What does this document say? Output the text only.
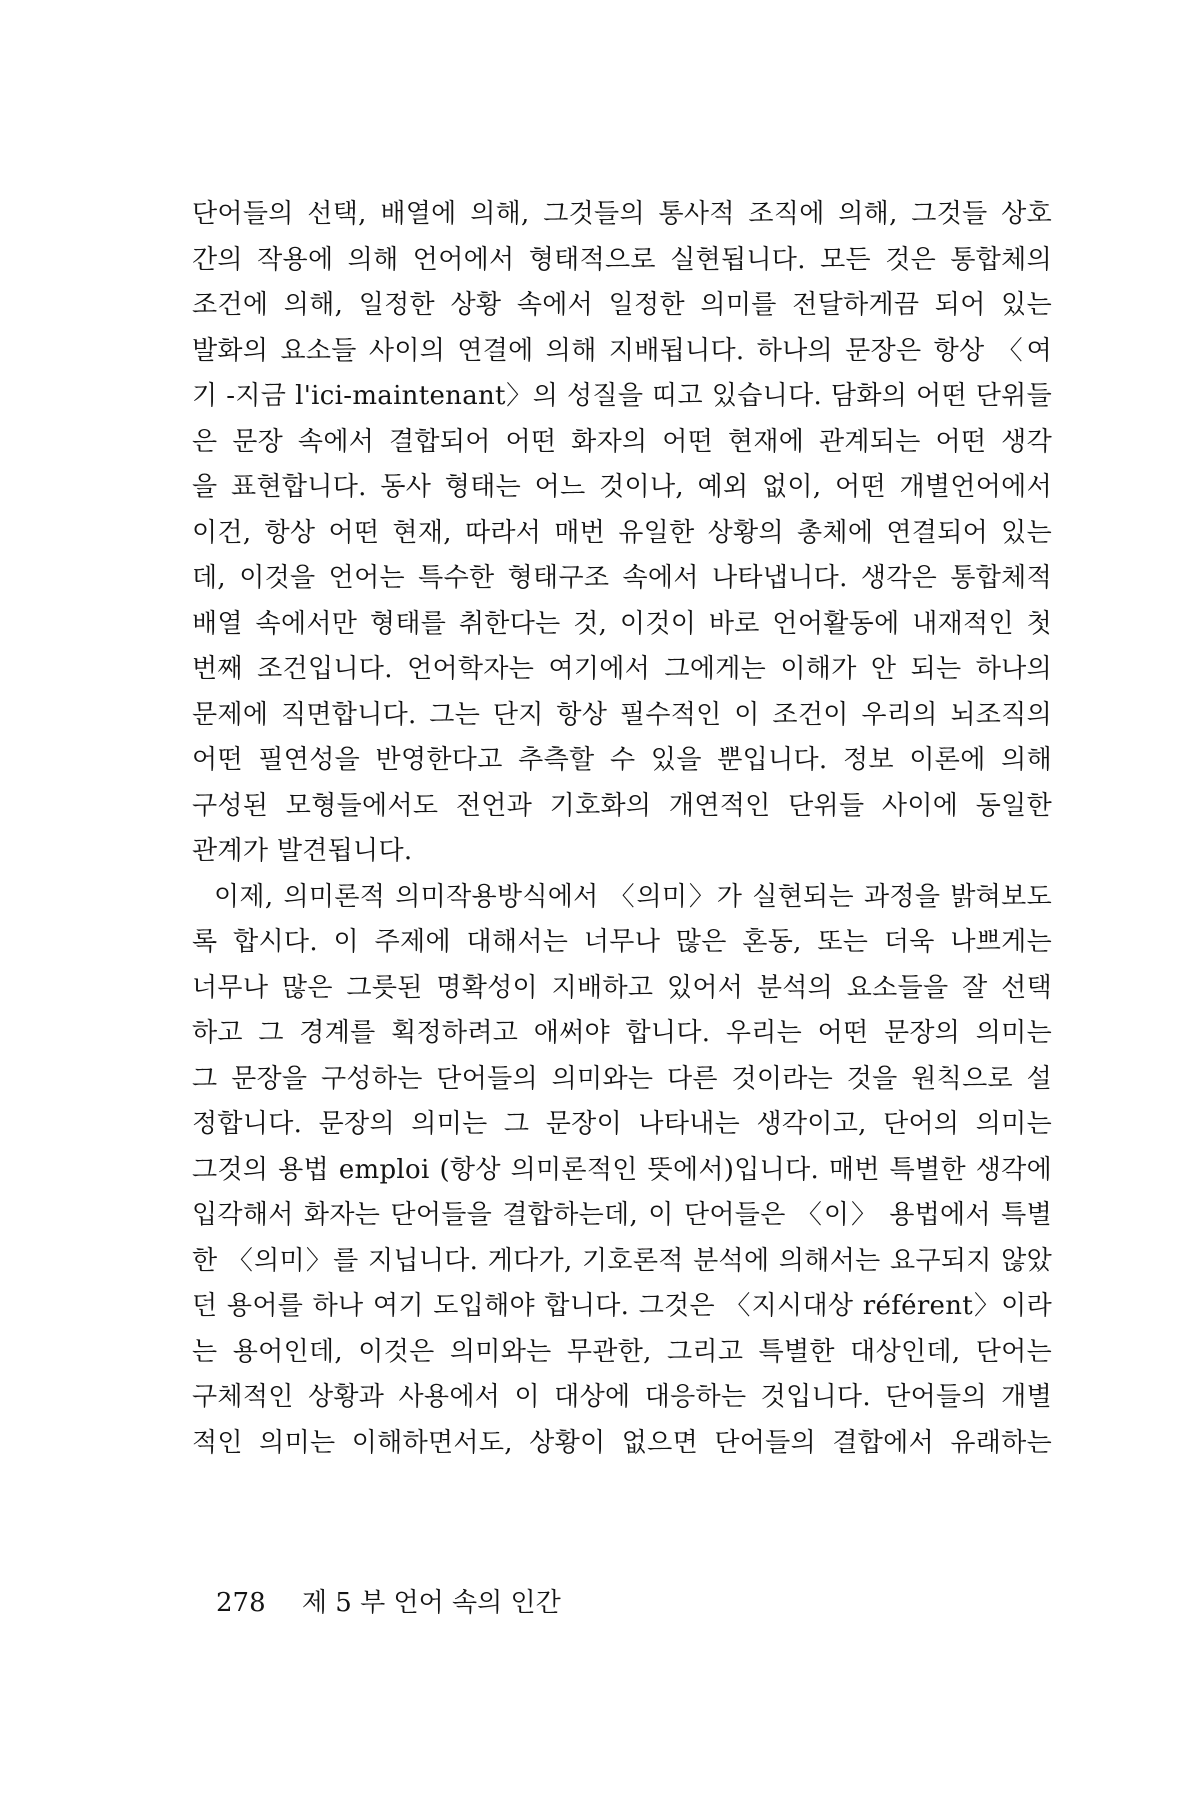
단어들의 선택, 배열에 의해, 그것들의 통사적 조직에 의해, 그것들 상호
간의 작용에 의해 언어에서 형태적으로 실현됩니다. 모든 것은 통합체의
조건에 의해, 일정한 상황 속에서 일정한 의미를 전달하게끔 되어 있는
발화의 요소들 사이의 연결에 의해 지배됩니다. 하나의 문장은 항상 〈여
기 -지금 l'ici-maintenant〉의 성질을 띠고 있습니다. 담화의 어떤 단위들
은 문장 속에서 결합되어 어떤 화자의 어떤 현재에 관계되는 어떤 생각
을 표현합니다. 동사 형태는 어느 것이나, 예외 없이, 어떤 개별언어에서
이건, 항상 어떤 현재, 따라서 매번 유일한 상황의 총체에 연결되어 있는
데, 이것을 언어는 특수한 형태구조 속에서 나타냅니다. 생각은 통합체적
배열 속에서만 형태를 취한다는 것, 이것이 바로 언어활동에 내재적인 첫
번째 조건입니다. 언어학자는 여기에서 그에게는 이해가 안 되는 하나의
문제에 직면합니다. 그는 단지 항상 필수적인 이 조건이 우리의 뇌조직의
어떤 필연성을 반영한다고 추측할 수 있을 뿐입니다. 정보 이론에 의해
구성된 모형들에서도 전언과 기호화의 개연적인 단위들 사이에 동일한
관계가 발견됩니다.
이제, 의미론적 의미작용방식에서 〈의미〉가 실현되는 과정을 밝혀보도
록 합시다. 이 주제에 대해서는 너무나 많은 혼동, 또는 더욱 나쁘게는
너무나 많은 그릇된 명확성이 지배하고 있어서 분석의 요소들을 잘 선택
하고 그 경계를 획정하려고 애써야 합니다. 우리는 어떤 문장의 의미는
그 문장을 구성하는 단어들의 의미와는 다른 것이라는 것을 원칙으로 설
정합니다. 문장의 의미는 그 문장이 나타내는 생각이고, 단어의 의미는
그것의 용법 emploi (항상 의미론적인 뜻에서)입니다. 매번 특별한 생각에
입각해서 화자는 단어들을 결합하는데, 이 단어들은 〈이〉 용법에서 특별
한 〈의미〉를 지닙니다. 게다가, 기호론적 분석에 의해서는 요구되지 않았
던 용어를 하나 여기 도입해야 합니다. 그것은 〈지시대상 référent〉이라
는 용어인데, 이것은 의미와는 무관한, 그리고 특별한 대상인데, 단어는
구체적인 상황과 사용에서 이 대상에 대응하는 것입니다. 단어들의 개별
적인 의미는 이해하면서도, 상황이 없으면 단어들의 결합에서 유래하는
278 제 5 부 언어 속의 인간
